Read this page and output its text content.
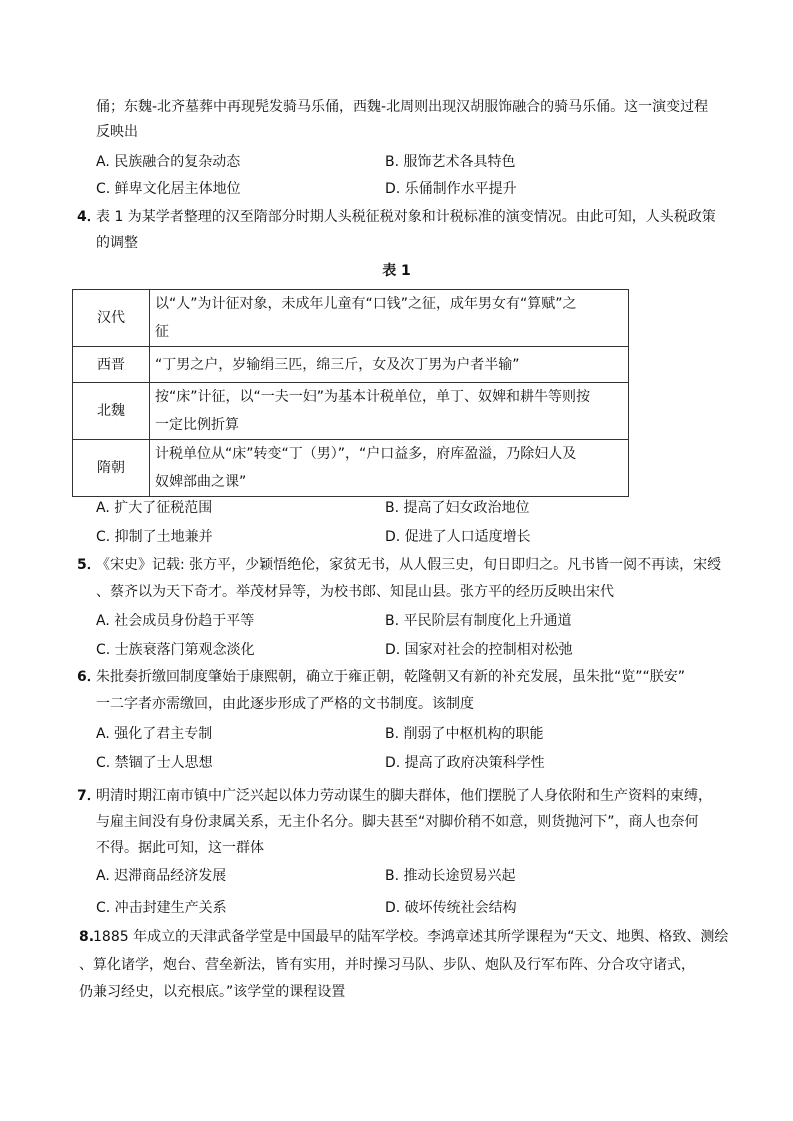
俑；东魏-北齐墓葬中再现髡发骑马乐俑，西魏-北周则出现汉胡服饰融合的骑马乐俑。这一演变过程
反映出
A. 民族融合的复杂动态	B. 服饰艺术各具特色
C. 鲜卑文化居主体地位	D. 乐俑制作水平提升
4．
表 1 为某学者整理的汉至隋部分时期人头税征税对象和计税标准的演变情况。由此可知，人头税政策
的调整
表 1
汉代	以“人”为计征对象，未成年儿童有“口钱”之征，成年男女有“算赋”之
征

西晋	“丁男之户，岁输绢三匹，绵三斤，女及次丁男为户者半输”

北魏	按“床”计征，以“一夫一妇”为基本计税单位，单丁、奴婢和耕牛等则按
一定比例折算

隋朝	计税单位从“床”转变“丁（男）”，“户口益多，府库盈溢，乃除妇人及
奴婢部曲之课”
A. 扩大了征税范围	B. 提高了妇女政治地位
C. 抑制了土地兼并	D. 促进了人口适度增长
5．
《宋史》记载: 张方平，少颖悟绝伦，家贫无书，从人假三史，旬日即归之。凡书皆一阅不再读，宋绶
、蔡齐以为天下奇才。举茂材异等，为校书郎、知昆山县。张方平的经历反映出宋代
A. 社会成员身份趋于平等	B. 平民阶层有制度化上升通道
C. 士族衰落门第观念淡化	D. 国家对社会的控制相对松弛
6．
朱批奏折缴回制度肇始于康熙朝，确立于雍正朝，乾隆朝又有新的补充发展，虽朱批“览”“朕安”
一二字者亦需缴回，由此逐步形成了严格的文书制度。该制度
A. 强化了君主专制	B. 削弱了中枢机构的职能
C. 禁锢了士人思想	D. 提高了政府决策科学性
7．
明清时期江南市镇中广泛兴起以体力劳动谋生的脚夫群体，他们摆脱了人身依附和生产资料的束缚，
与雇主间没有身份隶属关系，无主仆名分。脚夫甚至“对脚价稍不如意，则货抛河下”，商人也奈何
不得。据此可知，这一群体
A. 迟滞商品经济发展	B. 推动长途贸易兴起
C. 冲击封建生产关系	D. 破坏传统社会结构
8.
1885 年成立的天津武备学堂是中国最早的陆军学校。李鸿章述其所学课程为“天文、地舆、格致、测绘
、算化诸学，炮台、营垒新法，皆有实用，并时操习马队、步队、炮队及行军布阵、分合攻守诸式，
仍兼习经史，以充根底。”该学堂的课程设置
